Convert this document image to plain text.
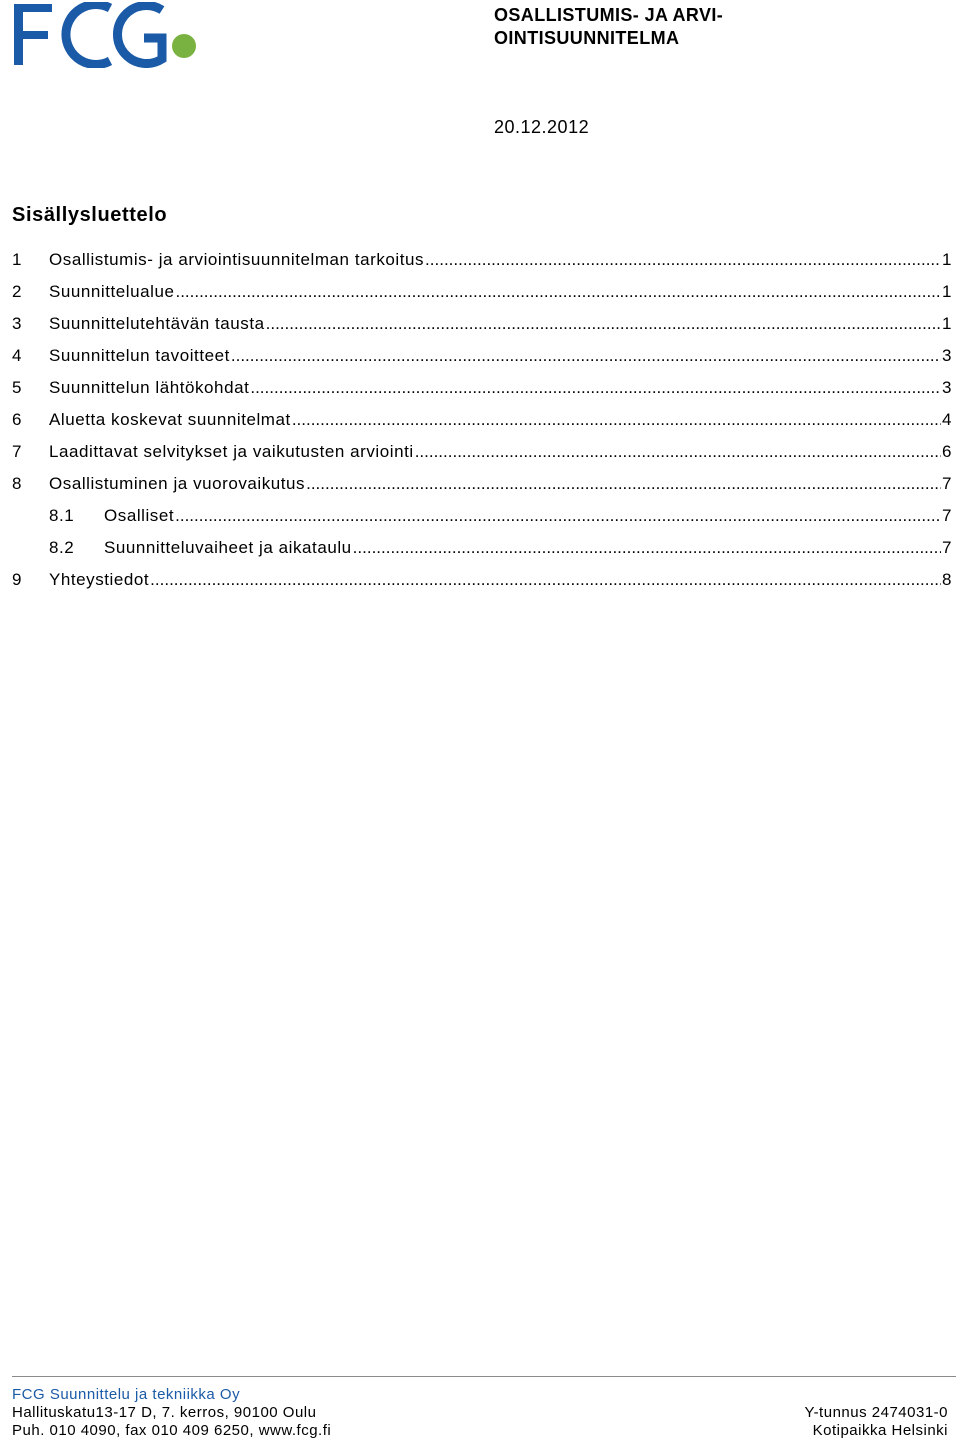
OSALLISTUMIS- JA ARVI-
OINTISUUNNITELMA
20.12.2012
Sisällysluettelo
1	Osallistumis- ja arviointisuunnitelman tarkoitus .....	1
2	Suunnittelualue .....	1
3	Suunnittelutehtävän tausta .....	1
4	Suunnittelun tavoitteet .....	3
5	Suunnittelun lähtökohdat .....	3
6	Aluetta koskevat suunnitelmat .....	4
7	Laadittavat selvitykset ja vaikutusten arviointi .....	6
8	Osallistuminen ja vuorovaikutus .....	7
8.1	Osalliset .....	7
8.2	Suunnitteluvaiheet ja aikataulu .....	7
9	Yhteystiedot .....	8
FCG Suunnittelu ja tekniikka Oy
Hallituskatu13-17 D, 7. kerros, 90100 Oulu	Y-tunnus 2474031-0
Puh. 010 4090, fax 010 409 6250, www.fcg.fi	Kotipaikka Helsinki
